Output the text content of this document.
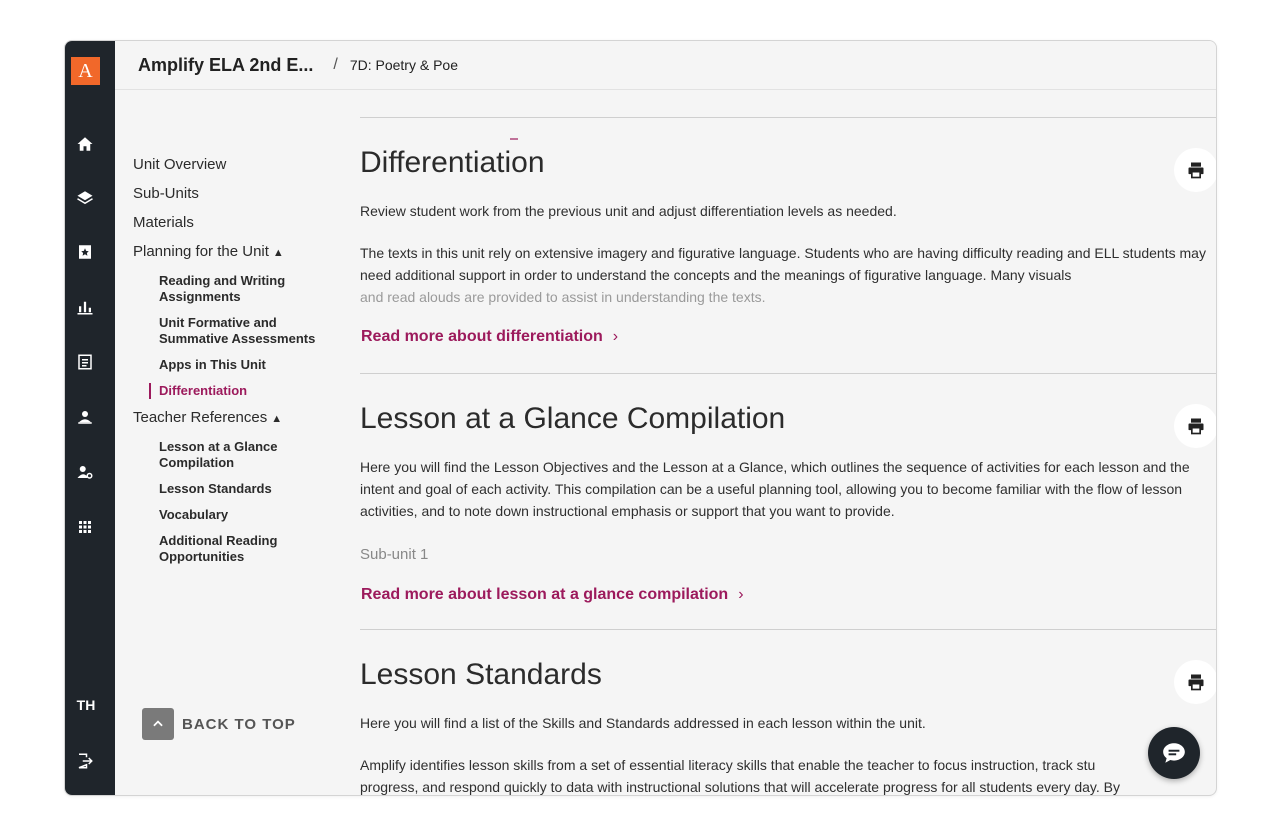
A
TH
Amplify ELA 2nd E... / 7D: Poetry & Poe
Unit Overview
Sub-Units
Materials
Planning for the Unit ▲
Reading and Writing Assignments
Unit Formative and Summative Assessments
Apps in This Unit
Differentiation
Teacher References ▲
Lesson at a Glance Compilation
Lesson Standards
Vocabulary
Additional Reading Opportunities
BACK TO TOP
Differentiation
Review student work from the previous unit and adjust differentiation levels as needed.
The texts in this unit rely on extensive imagery and figurative language. Students who are having difficulty reading and ELL students may need additional support in order to understand the concepts and the meanings of figurative language. Many visuals
and read alouds are provided to assist in understanding the texts.
Read more about differentiation ›
Lesson at a Glance Compilation
Here you will find the Lesson Objectives and the Lesson at a Glance, which outlines the sequence of activities for each lesson and the intent and goal of each activity. This compilation can be a useful planning tool, allowing you to become familiar with the flow of lesson activities, and to note down instructional emphasis or support that you want to provide.
Sub-unit 1
Read more about lesson at a glance compilation ›
Lesson Standards
Here you will find a list of the Skills and Standards addressed in each lesson within the unit.
Amplify identifies lesson skills from a set of essential literacy skills that enable the teacher to focus instruction, track stu
progress, and respond quickly to data with instructional solutions that will accelerate progress for all students every day. By
